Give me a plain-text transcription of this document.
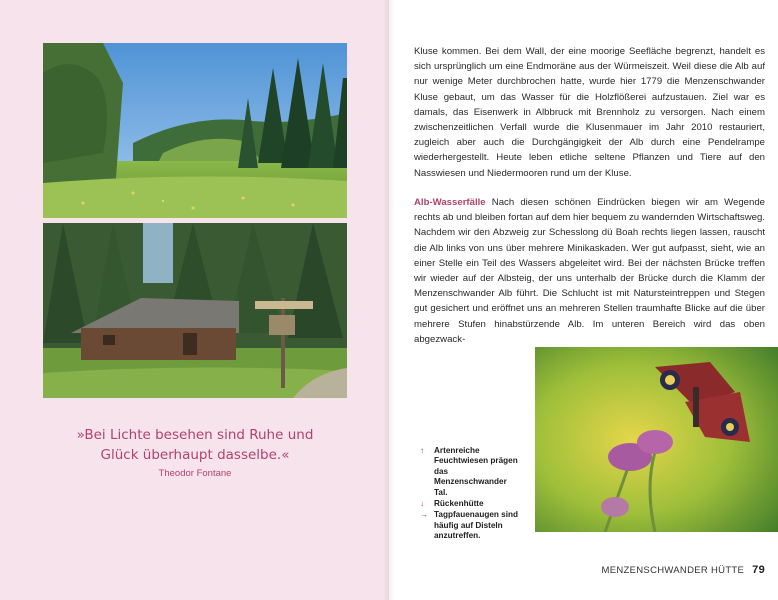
»Bei Lichte besehen sind Ruhe und Glück überhaupt dasselbe.«
Theodor Fontane

Kluse kommen. Bei dem Wall, der eine moorige Seefläche begrenzt, handelt es sich ursprünglich um eine Endmoräne aus der Würmeiszeit. Weil diese die Alb auf nur wenige Meter durchbrochen hatte, wurde hier 1779 die Menzenschwander Kluse gebaut, um das Wasser für die Holzflößerei aufzustauen. Ziel war es damals, das Eisenwerk in Albbruck mit Brennholz zu versorgen. Nach einem zwischenzeitlichen Verfall wurde die Klusenmauer im Jahr 2010 restauriert, zugleich aber auch die Durchgängigkeit der Alb durch eine Pendelrampe wiederhergestellt. Heute leben etliche seltene Pflanzen und Tiere auf den Nasswiesen und Niedermooren rund um der Kluse.

Alb-Wasserfälle Nach diesen schönen Eindrücken biegen wir am Wegende rechts ab und bleiben fortan auf dem hier bequem zu wandernden Wirtschaftsweg. Nachdem wir den Abzweig zur Schesslong dü Boah rechts liegen lassen, rauscht die Alb links von uns über mehrere Minikaskaden. Wer gut aufpasst, sieht, wie an einer Stelle ein Teil des Wassers abgeleitet wird. Bei der nächsten Brücke treffen wir wieder auf der Albsteig, der uns unterhalb der Brücke durch die Klamm der Menzenschwander Alb führt. Die Schlucht ist mit Natursteintreppen und Stegen gut gesichert und eröffnet uns an mehreren Stellen traumhafte Blicke auf die über mehrere Stufen hinabstürzende Alb. Im unteren Bereich wird das oben abgezwack-

↑ Artenreiche Feuchtwiesen prägen das Menzenschwander Tal.
↓ Rückenhütte
→ Tagpfauenaugen sind häufig auf Disteln anzutreffen.
MENZENSCHWANDER HÜTTE 79
